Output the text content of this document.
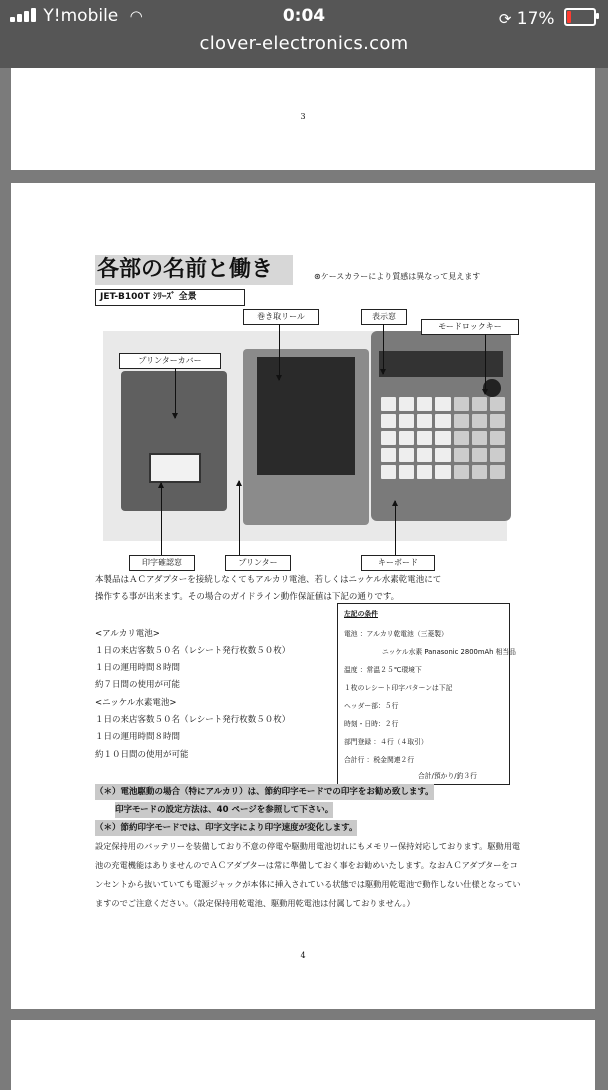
Y!mobile ◠	0:04	⟳ 17%
clover-electronics.com
3
各部の名前と働き	⊛ケースカラーにより質感は異なって見えます
JET-B100T ｼﾘｰｽﾞ 全景
巻き取リール	表示窓
モードロックキー
プリンターカバー
印字確認窓	プリンター	キーボード
本製品はＡＣアダプターを接続しなくてもアルカリ電池、若しくはニッケル水素乾電池にて
操作する事が出来ます。その場合のガイドライン動作保証値は下記の通りです。
<アルカリ電池>
１日の来店客数５０名（レシート発行枚数５０枚）
１日の運用時間８時間
約７日間の使用が可能
<ニッケル水素電池>
１日の来店客数５０名（レシート発行枚数５０枚）
１日の運用時間８時間
約１０日間の使用が可能
左記の条件
電池 ：アルカリ乾電池（三菱製）
ニッケル水素 Panasonic 2800mAh 相当品
温度 ：常温２５℃環境下
１枚のレシート印字パターンは下記
ヘッダー部：５行
時刻・日時：２行
部門登録 ：４行（４取引）
合計行 ：税金関連２行
合計/預かり/釣３行
（＊）電池駆動の場合（特にアルカリ）は、節約印字モードでの印字をお勧め致します。
印字モードの設定方法は、40 ページを参照して下さい。
（＊）節約印字モードでは、印字文字により印字速度が変化します。
設定保持用のバッテリーを装備しており不意の停電や駆動用電池切れにもメモリー保持対応しております。駆動用電池の充電機能はありませんのでＡＣアダプターは常に準備しておく事をお勧めいたします。なおＡＣアダプターをコンセントから抜いていても電源ジャックが本体に挿入されている状態では駆動用乾電池で動作しない仕様となっていますのでご注意ください。（設定保持用乾電池、駆動用乾電池は付属しておりません。）
4
